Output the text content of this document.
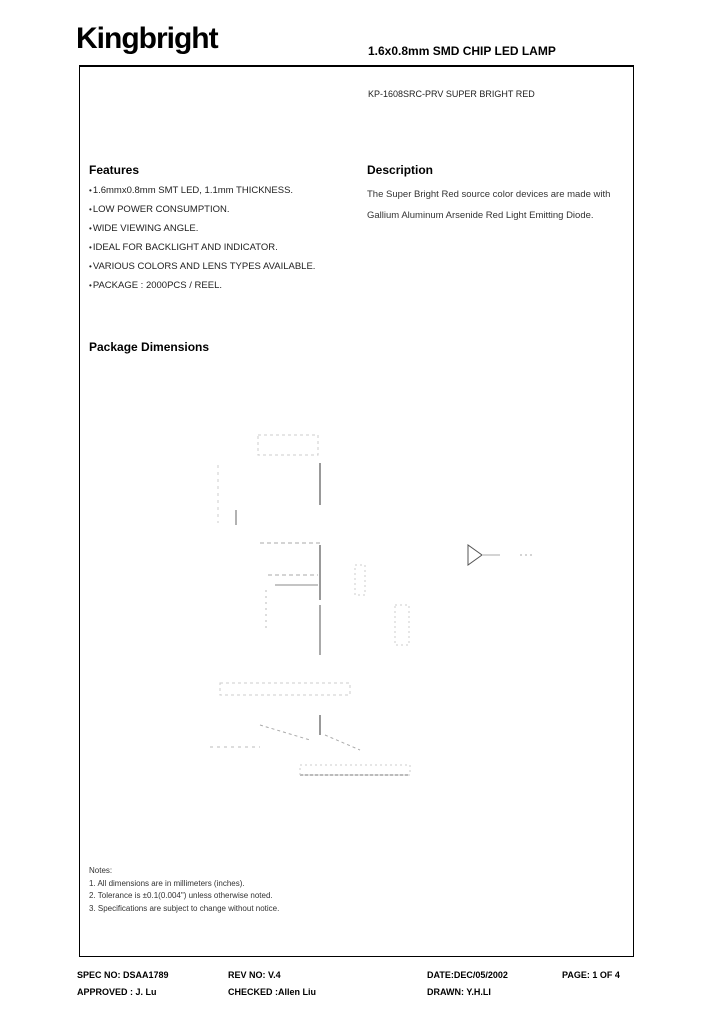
Kingbright	1.6x0.8mm SMD CHIP LED LAMP
KP-1608SRC-PRV SUPER BRIGHT RED
Features
• 1.6mmx0.8mm SMT LED, 1.1mm THICKNESS.
• LOW POWER CONSUMPTION.
• WIDE VIEWING ANGLE.
• IDEAL FOR BACKLIGHT AND INDICATOR.
• VARIOUS COLORS AND LENS TYPES AVAILABLE.
• PACKAGE : 2000PCS / REEL.
Description
The Super Bright Red source color devices are made with Gallium Aluminum Arsenide Red Light Emitting Diode.
Package Dimensions
Notes:
1. All dimensions are in millimeters (inches).
2. Tolerance is ±0.1(0.004") unless otherwise noted.
3. Specifications are subject to change without notice.
SPEC NO: DSAA1789	REV NO: V.4	DATE:DEC/05/2002	PAGE: 1 OF 4
APPROVED : J. Lu	CHECKED :Allen Liu	DRAWN: Y.H.LI
